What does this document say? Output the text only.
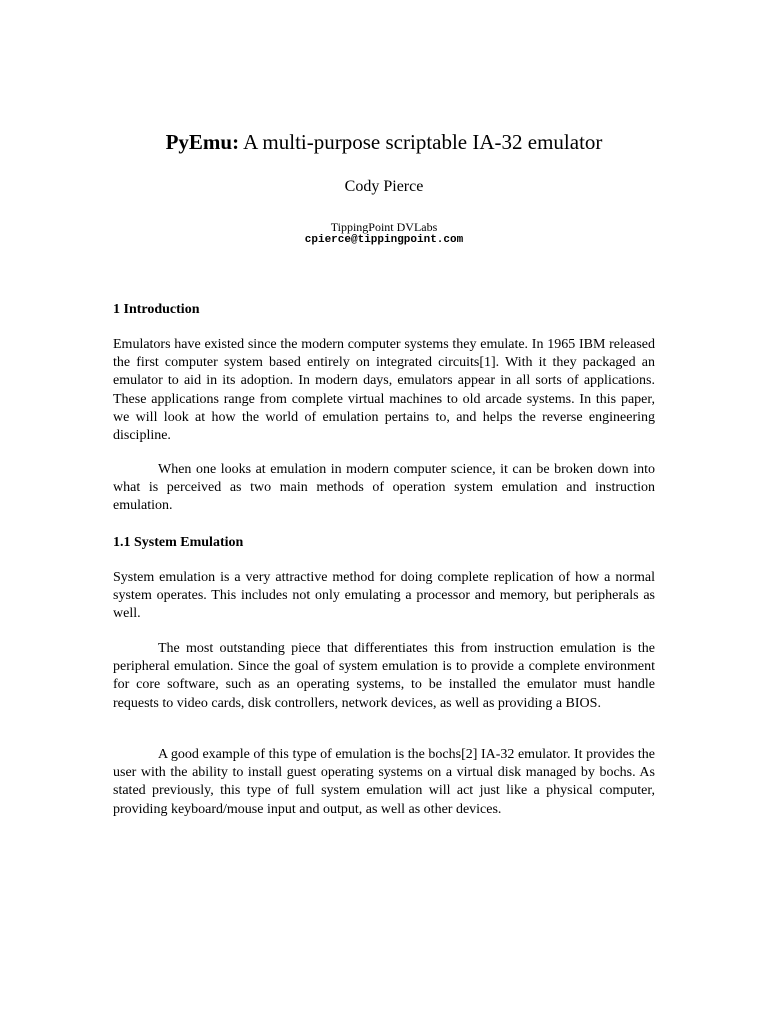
PyEmu: A multi-purpose scriptable IA-32 emulator
Cody Pierce
TippingPoint DVLabs
cpierce@tippingpoint.com
1 Introduction
Emulators have existed since the modern computer systems they emulate. In 1965 IBM released the first computer system based entirely on integrated circuits[1]. With it they packaged an emulator to aid in its adoption. In modern days, emulators appear in all sorts of applications. These applications range from complete virtual machines to old arcade systems. In this paper, we will look at how the world of emulation pertains to, and helps the reverse engineering discipline.
When one looks at emulation in modern computer science, it can be broken down into what is perceived as two main methods of operation system emulation and instruction emulation.
1.1 System Emulation
System emulation is a very attractive method for doing complete replication of how a normal system operates. This includes not only emulating a processor and memory, but peripherals as well.
The most outstanding piece that differentiates this from instruction emulation is the peripheral emulation. Since the goal of system emulation is to provide a complete environment for core software, such as an operating systems, to be installed the emulator must handle requests to video cards, disk controllers, network devices, as well as providing a BIOS.
A good example of this type of emulation is the bochs[2] IA-32 emulator. It provides the user with the ability to install guest operating systems on a virtual disk managed by bochs. As stated previously, this type of full system emulation will act just like a physical computer, providing keyboard/mouse input and output, as well as other devices.
